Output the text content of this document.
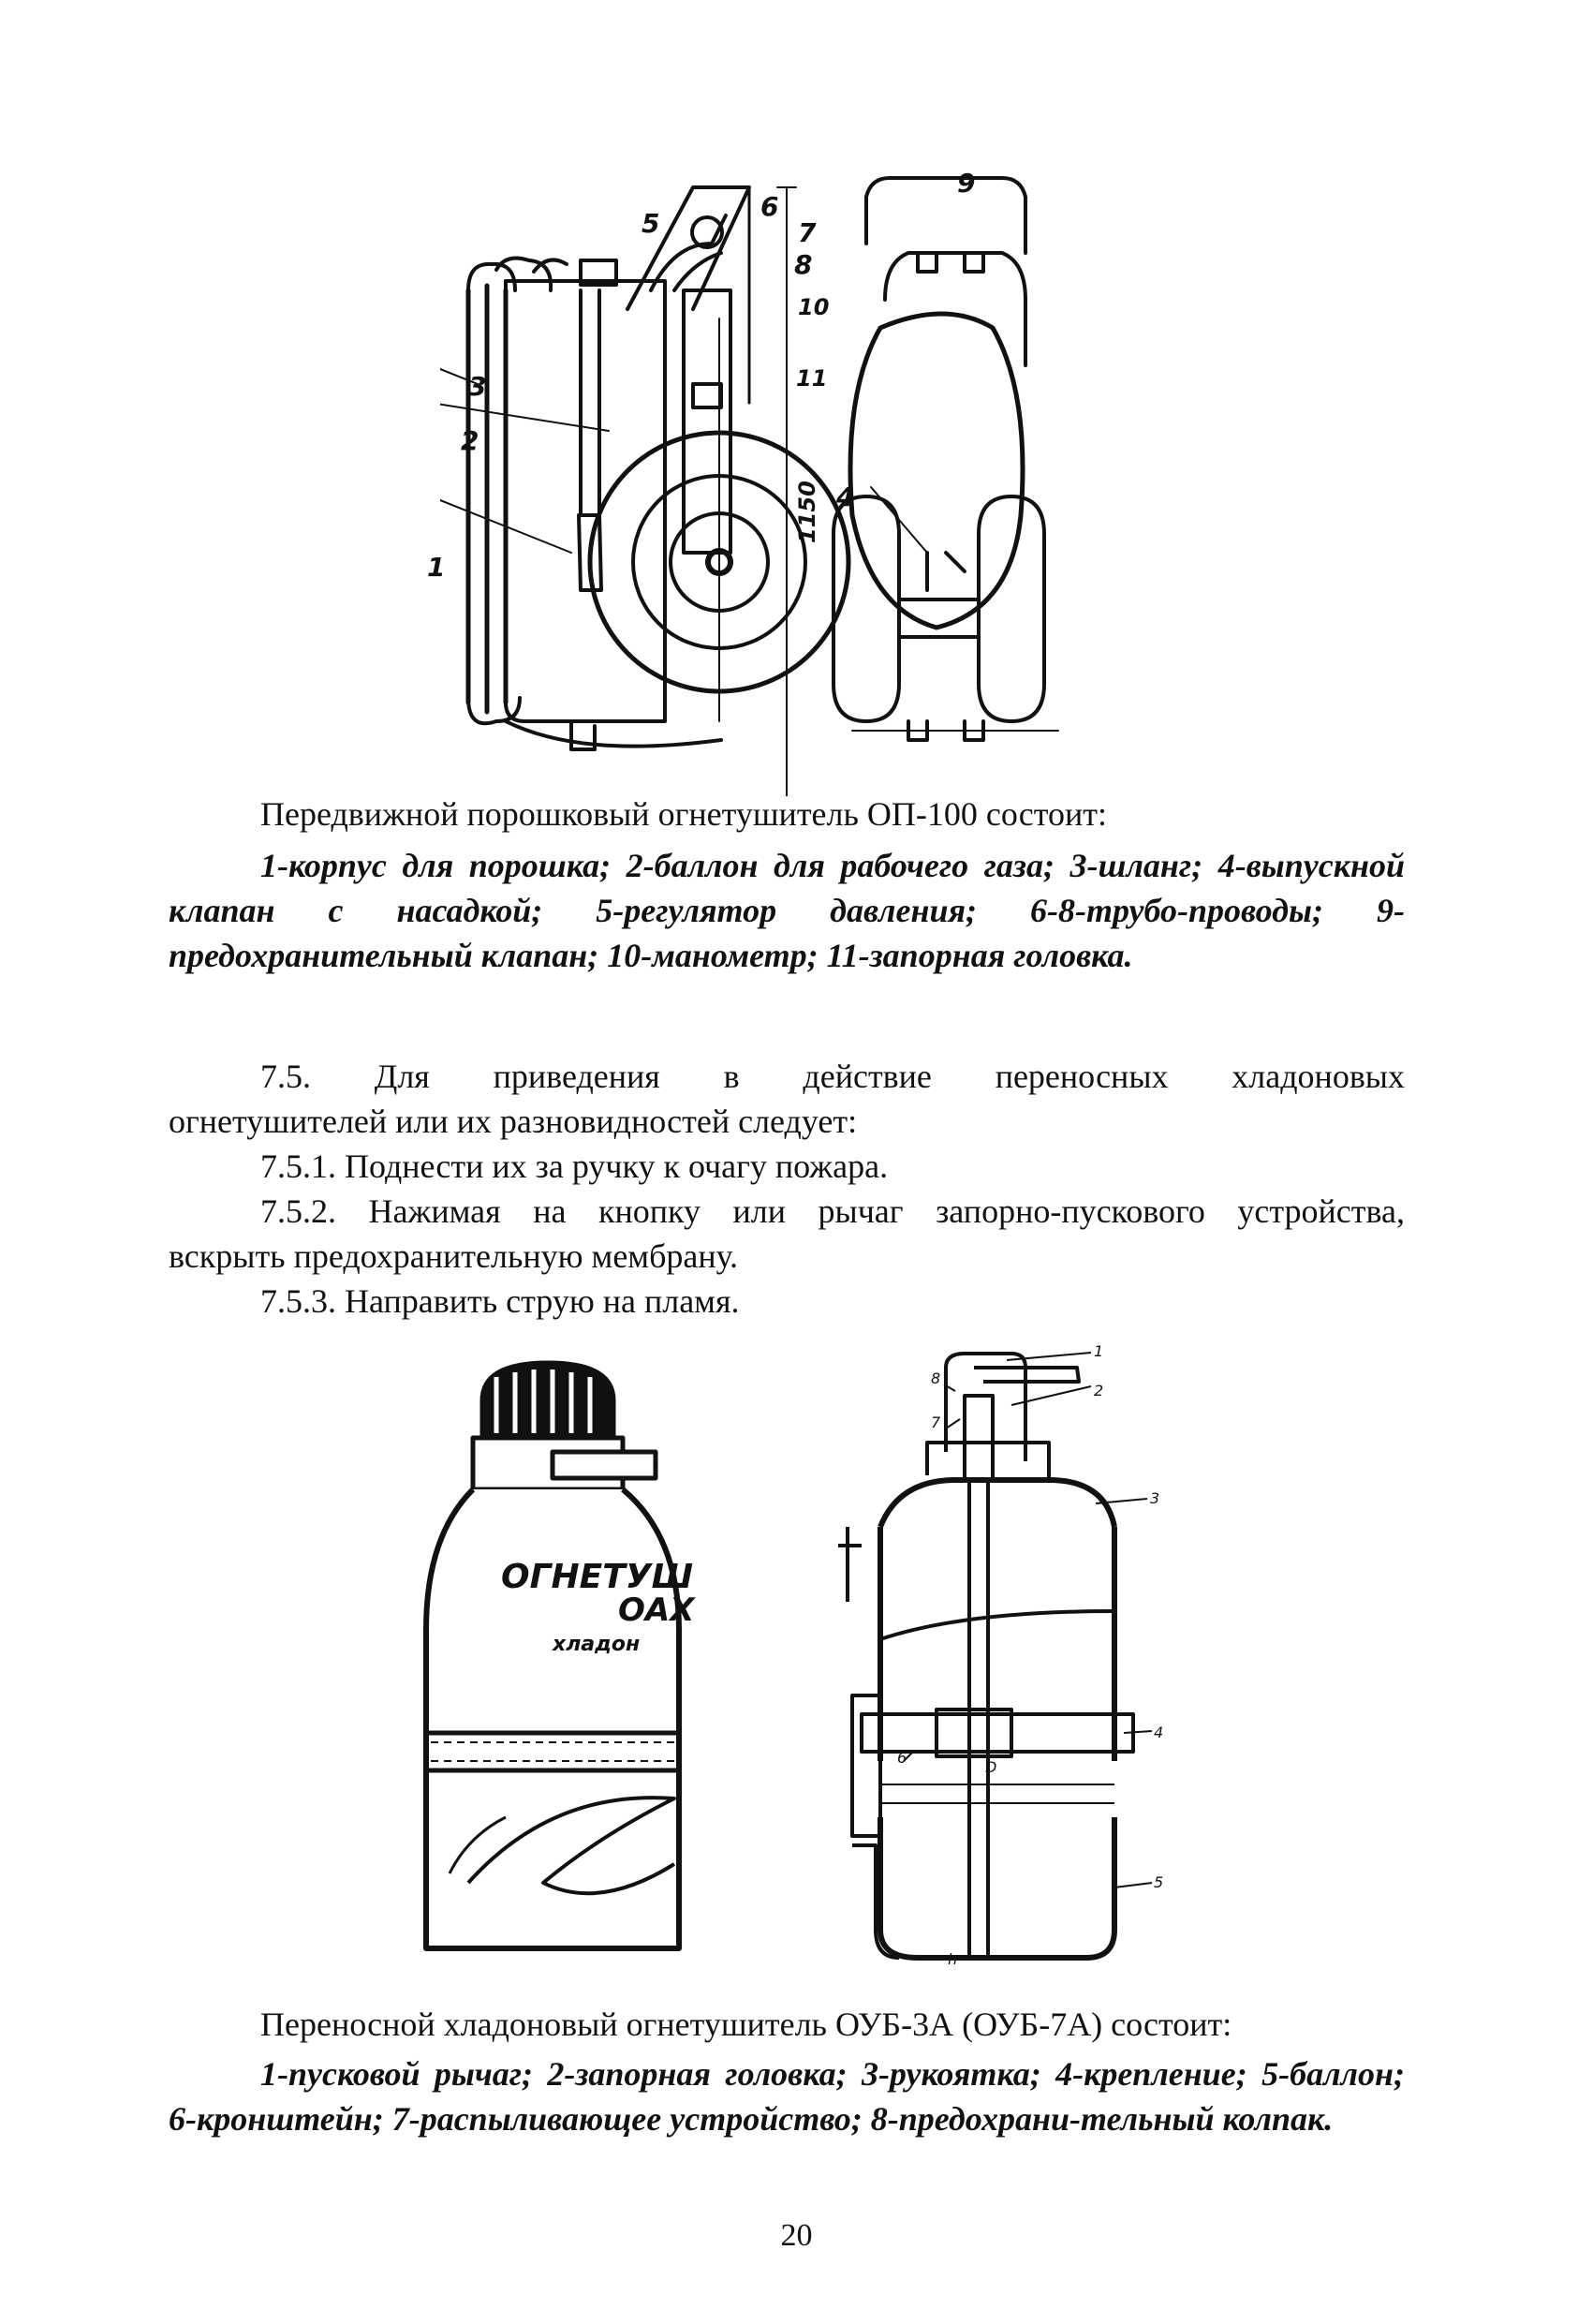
1
2
3
4
5
6
7
8
9
10
11
1150
Передвижной порошковый огнетушитель ОП-100 состоит:
1-корпус для порошка; 2-баллон для рабочего газа; 3-шланг; 4-выпускной клапан с насадкой; 5-регулятор давления; 6-8-трубо-проводы; 9-предохранительный клапан; 10-манометр; 11-запорная головка.
7.5. Для приведения в действие переносных хладоновых
огнетушителей или их разновидностей следует:
7.5.1. Поднести их за ручку к очагу пожара.
7.5.2. Нажимая на кнопку или рычаг запорно-пускового устройства,
вскрыть предохранительную мембрану.
7.5.3. Направить струю на пламя.
ОГНЕТУШ
ОАХ
хладон
1
2
3
4
5
6
7
8
D
h
Переносной хладоновый огнетушитель ОУБ-3А (ОУБ-7А) состоит:
1-пусковой рычаг; 2-запорная головка; 3-рукоятка; 4-крепление; 5-баллон; 6-кронштейн; 7-распыливающее устройство; 8-предохрани-тельный колпак.
20
